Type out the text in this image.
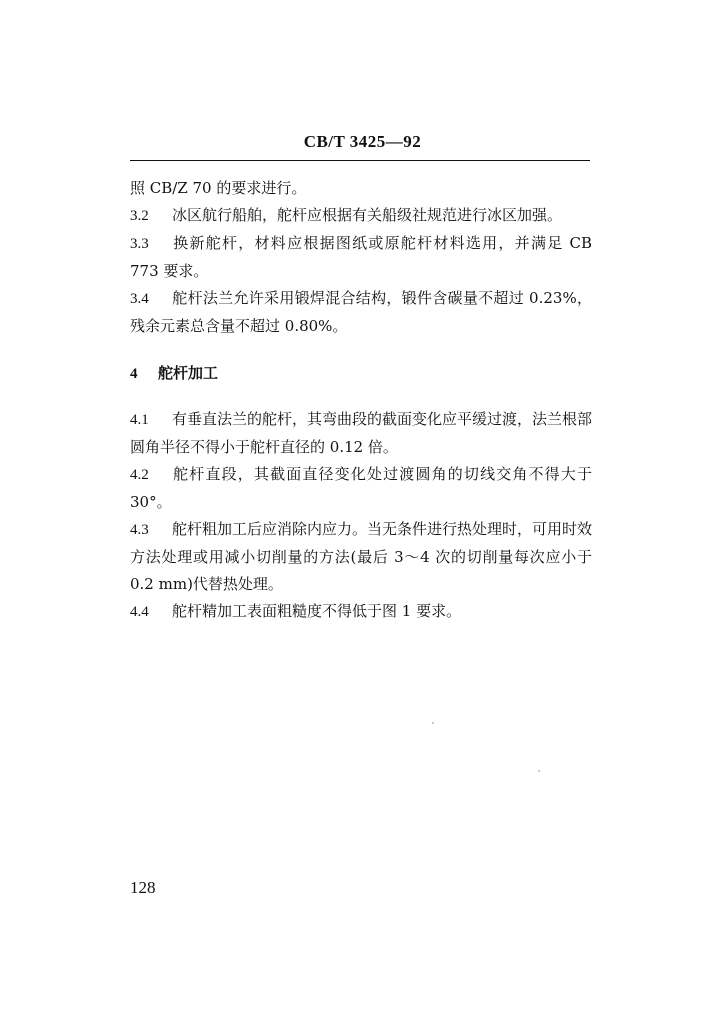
CB/T 3425—92

照 CB/Z 70 的要求进行。

3.2 冰区航行船舶，舵杆应根据有关船级社规范进行冰区加强。

3.3 换新舵杆，材料应根据图纸或原舵杆材料选用，并满足 CB 773 要求。

3.4 舵杆法兰允许采用锻焊混合结构，锻件含碳量不超过 0.23%，残余元素总含量不超过 0.80%。

4 舵杆加工

4.1 有垂直法兰的舵杆，其弯曲段的截面变化应平缓过渡，法兰根部圆角半径不得小于舵杆直径的 0.12 倍。

4.2 舵杆直段，其截面直径变化处过渡圆角的切线交角不得大于 30°。

4.3 舵杆粗加工后应消除内应力。当无条件进行热处理时，可用时效方法处理或用减小切削量的方法(最后 3～4 次的切削量每次应小于 0.2 mm)代替热处理。

4.4 舵杆精加工表面粗糙度不得低于图 1 要求。

128
